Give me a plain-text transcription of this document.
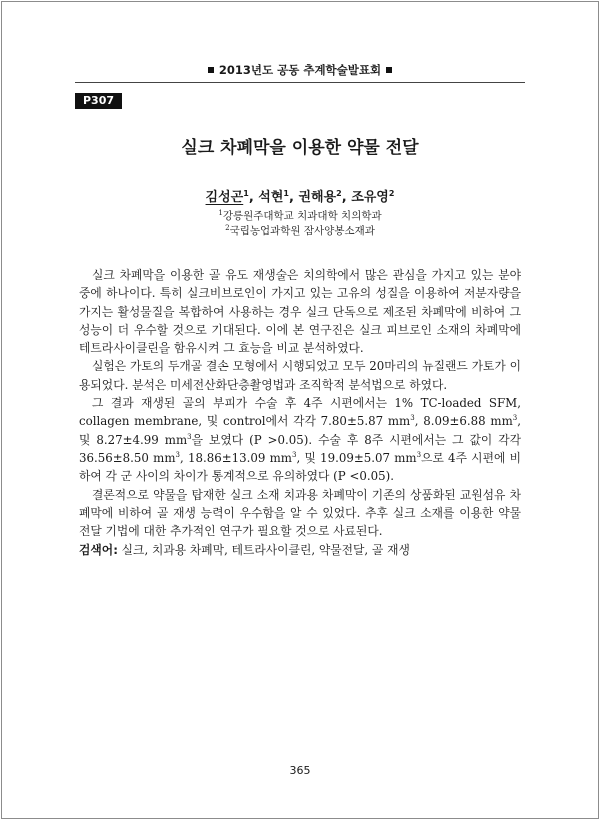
2013년도 공동 추계학술발표회
P307
실크 차폐막을 이용한 약물 전달
김성곤$^1$, 석현$^1$, 권해용$^2$, 조유영$^2$
$^1$강릉원주대학교 치과대학 치의학과
$^2$국립농업과학원 잠사양봉소재과

실크 차폐막을 이용한 골 유도 재생술은 치의학에서 많은 관심을 가지고 있는 분야 중에 하나이다. 특히 실크비브로인이 가지고 있는 고유의 성질을 이용하여 저분자량을 가지는 활성물질을 복합하여 사용하는 경우 실크 단독으로 제조된 차폐막에 비하여 그 성능이 더 우수할 것으로 기대된다. 이에 본 연구진은 실크 피브로인 소재의 차폐막에 테트라사이클린을 함유시켜 그 효능을 비교 분석하였다.

실험은 가토의 두개골 결손 모형에서 시행되었고 모두 20마리의 뉴질랜드 가토가 이용되었다. 분석은 미세전산화단층촬영법과 조직학적 분석법으로 하였다.

그 결과 재생된 골의 부피가 수술 후 4주 시편에서는 1% TC-loaded SFM, collagen membrane, 및 control에서 각각 7.80±5.87 $mm^3$, 8.09±6.88 $mm^3$, 및 8.27±4.99 $mm^3$을 보였다 (P >0.05). 수술 후 8주 시편에서는 그 값이 각각 36.56±8.50 $mm^3$, 18.86±13.09 $mm^3$, 및 19.09±5.07 $mm^3$으로 4주 시편에 비하여 각 군 사이의 차이가 통계적으로 유의하였다 (P <0.05).

결론적으로 약물을 탑재한 실크 소재 치과용 차폐막이 기존의 상품화된 교원섬유 차폐막에 비하여 골 재생 능력이 우수함을 알 수 있었다. 추후 실크 소재를 이용한 약물 전달 기법에 대한 추가적인 연구가 필요할 것으로 사료된다.

검색어: 실크, 치과용 차폐막, 테트라사이클린, 약물전달, 골 재생
365
